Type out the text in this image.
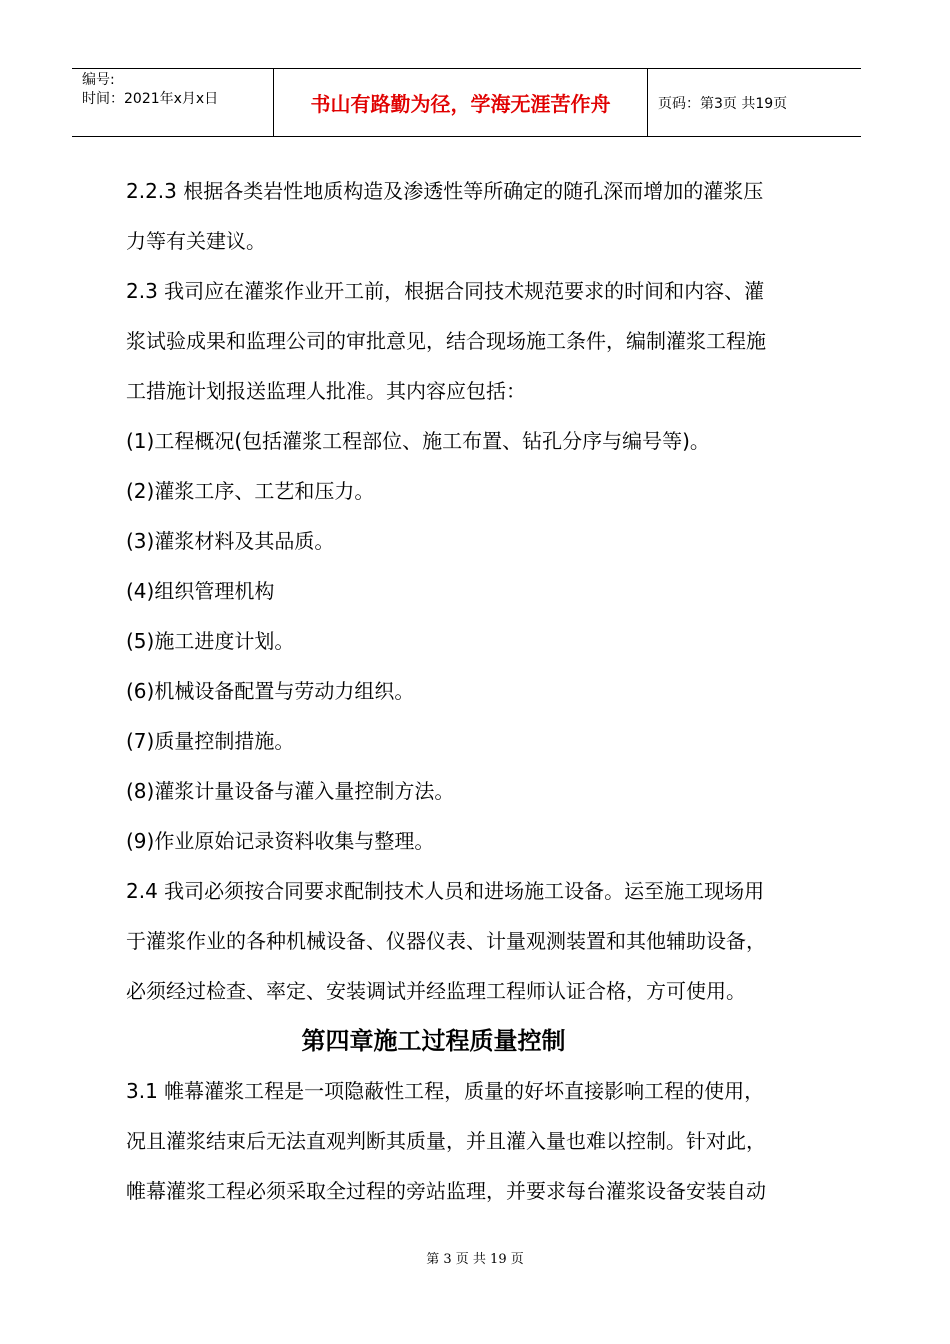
编号:
时间：2021年x月x日	书山有路勤为径，学海无涯苦作舟	页码：第3页 共19页

2.2.3 根据各类岩性地质构造及渗透性等所确定的随孔深而增加的灌浆压

力等有关建议。

2.3 我司应在灌浆作业开工前，根据合同技术规范要求的时间和内容、灌

浆试验成果和监理公司的审批意见，结合现场施工条件，编制灌浆工程施

工措施计划报送监理人批准。其内容应包括：

(1)工程概况(包括灌浆工程部位、施工布置、钻孔分序与编号等)。

(2)灌浆工序、工艺和压力。

(3)灌浆材料及其品质。

(4)组织管理机构

(5)施工进度计划。

(6)机械设备配置与劳动力组织。

(7)质量控制措施。

(8)灌浆计量设备与灌入量控制方法。

(9)作业原始记录资料收集与整理。

2.4 我司必须按合同要求配制技术人员和进场施工设备。运至施工现场用

于灌浆作业的各种机械设备、仪器仪表、计量观测装置和其他辅助设备，

必须经过检查、率定、安装调试并经监理工程师认证合格，方可使用。

第四章施工过程质量控制

3.1 帷幕灌浆工程是一项隐蔽性工程，质量的好坏直接影响工程的使用，

况且灌浆结束后无法直观判断其质量，并且灌入量也难以控制。针对此，

帷幕灌浆工程必须采取全过程的旁站监理，并要求每台灌浆设备安装自动

第 3 页 共 19 页
